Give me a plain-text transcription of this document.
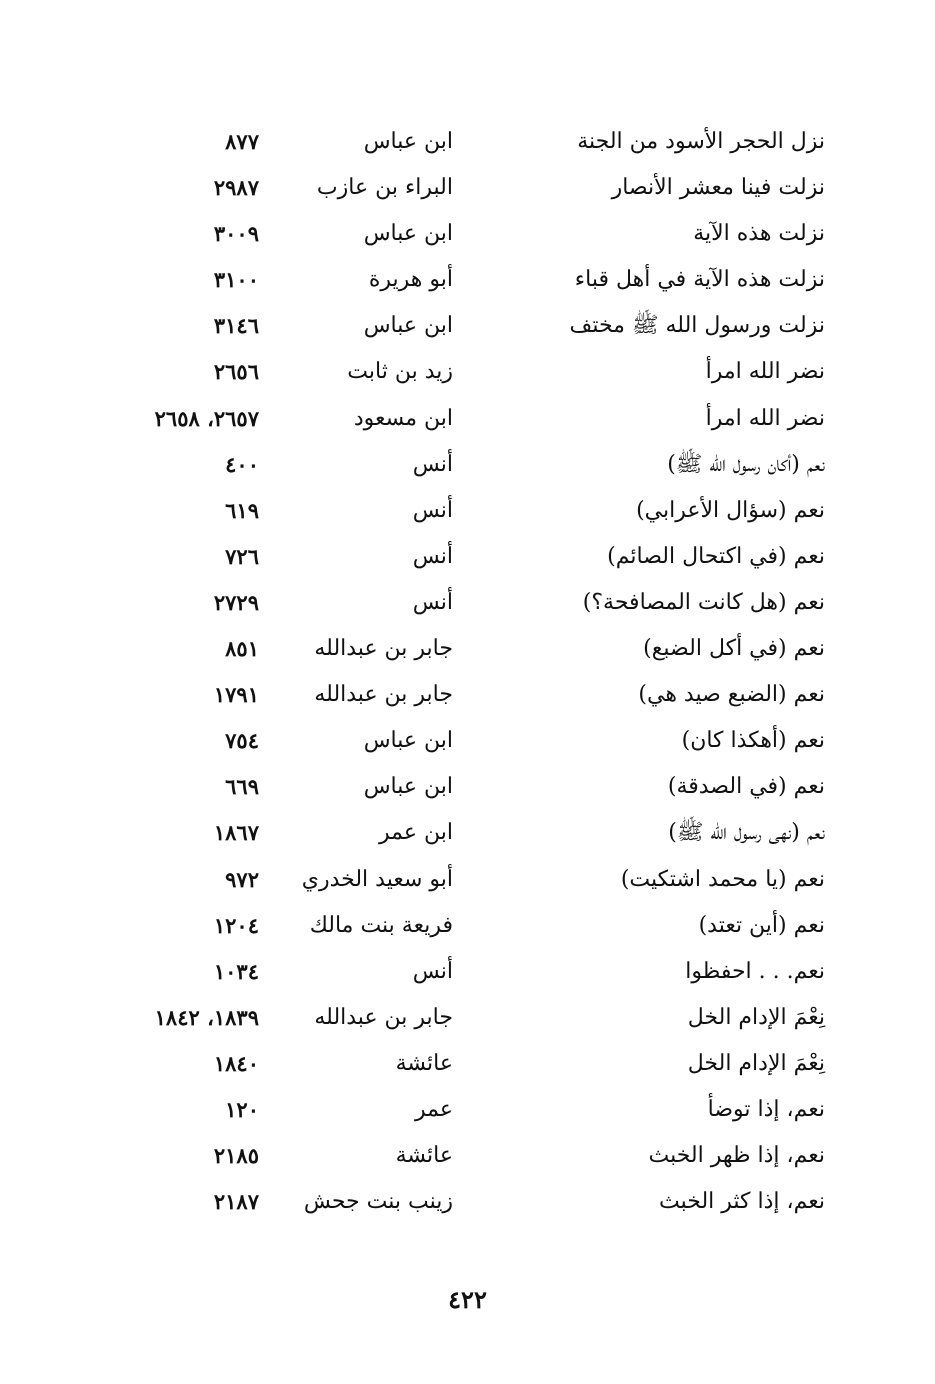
نزل الحجر الأسود من الجنة
ابن عباس
٨٧٧
نزلت فينا معشر الأنصار
البراء بن عازب
٢٩٨٧
نزلت هذه الآية
ابن عباس
٣٠٠٩
نزلت هذه الآية في أهل قباء
أبو هريرة
٣١٠٠
نزلت ورسول الله ﷺ مختف
ابن عباس
٣١٤٦
نضر الله امرأ
زيد بن ثابت
٢٦٥٦
نضر الله امرأ
ابن مسعود
٢٦٥٧، ٢٦٥٨
نعم (أكان رسول الله ﷺ)
أنس
٤٠٠
نعم (سؤال الأعرابي)
أنس
٦١٩
نعم (في اكتحال الصائم)
أنس
٧٢٦
نعم (هل كانت المصافحة؟)
أنس
٢٧٢٩
نعم (في أكل الضبع)
جابر بن عبدالله
٨٥١
نعم (الضبع صيد هي)
جابر بن عبدالله
١٧٩١
نعم (أهكذا كان)
ابن عباس
٧٥٤
نعم (في الصدقة)
ابن عباس
٦٦٩
نعم (نهى رسول الله ﷺ)
ابن عمر
١٨٦٧
نعم (يا محمد اشتكيت)
أبو سعيد الخدري
٩٧٢
نعم (أين تعتد)
فريعة بنت مالك
١٢٠٤
نعم. . . احفظوا
أنس
١٠٣٤
نِعْمَ الإدام الخل
جابر بن عبدالله
١٨٣٩، ١٨٤٢
نِعْمَ الإدام الخل
عائشة
١٨٤٠
نعم، إذا توضأ
عمر
١٢٠
نعم، إذا ظهر الخبث
عائشة
٢١٨٥
نعم، إذا كثر الخبث
زينب بنت جحش
٢١٨٧
٤٢٢
